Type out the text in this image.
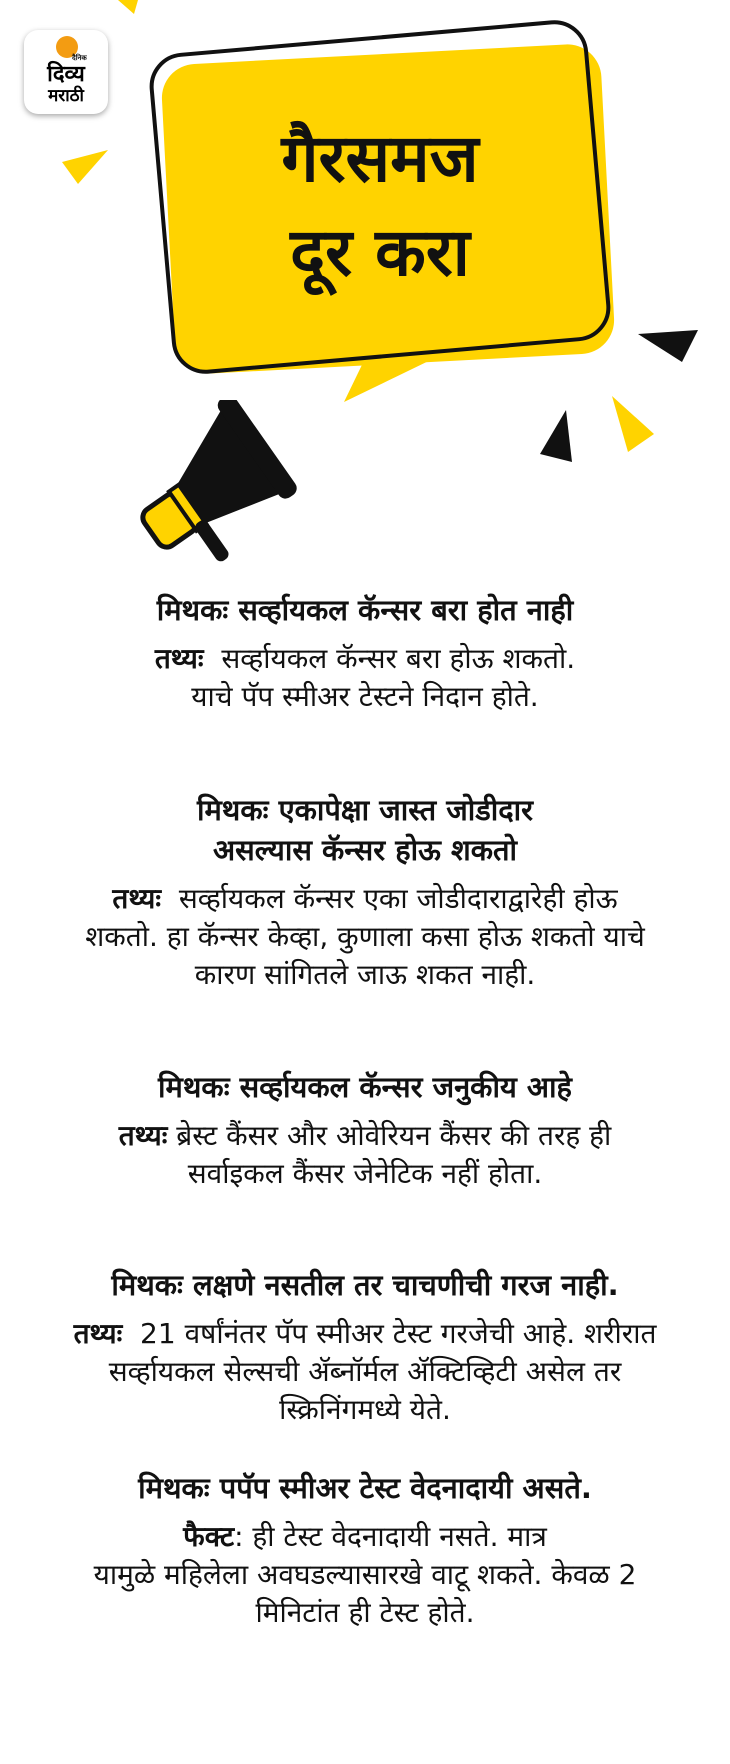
दैनिक
दिव्य
मराठी
गैरसमज
दूर करा

मिथकः सर्व्हायकल कॅन्सर बरा होत नाही

तथ्यः सर्व्हायकल कॅन्सर बरा होऊ शकतो.
याचे पॅप स्मीअर टेस्टने निदान होते.

मिथकः एकापेक्षा जास्त जोडीदार
असल्यास कॅन्सर होऊ शकतो

तथ्यः सर्व्हायकल कॅन्सर एका जोडीदाराद्वारेही होऊ
शकतो. हा कॅन्सर केव्हा, कुणाला कसा होऊ शकतो याचे
कारण सांगितले जाऊ शकत नाही.

मिथकः सर्व्हायकल कॅन्सर जनुकीय आहे

तथ्यः ब्रेस्ट कैंसर और ओवेरियन कैंसर की तरह ही
सर्वाइकल कैंसर जेनेटिक नहीं होता.

मिथकः लक्षणे नसतील तर चाचणीची गरज नाही.

तथ्यः 21 वर्षांनंतर पॅप स्मीअर टेस्ट गरजेची आहे. शरीरात
सर्व्हायकल सेल्सची ॲब्नॉर्मल ॲक्टिव्हिटी असेल तर
स्क्रिनिंगमध्ये येते.

मिथकः पपॅप स्मीअर टेस्ट वेदनादायी असते.

फैक्ट: ही टेस्ट वेदनादायी नसते. मात्र
यामुळे महिलेला अवघडल्यासारखे वाटू शकते. केवळ 2
मिनिटांत ही टेस्ट होते.
